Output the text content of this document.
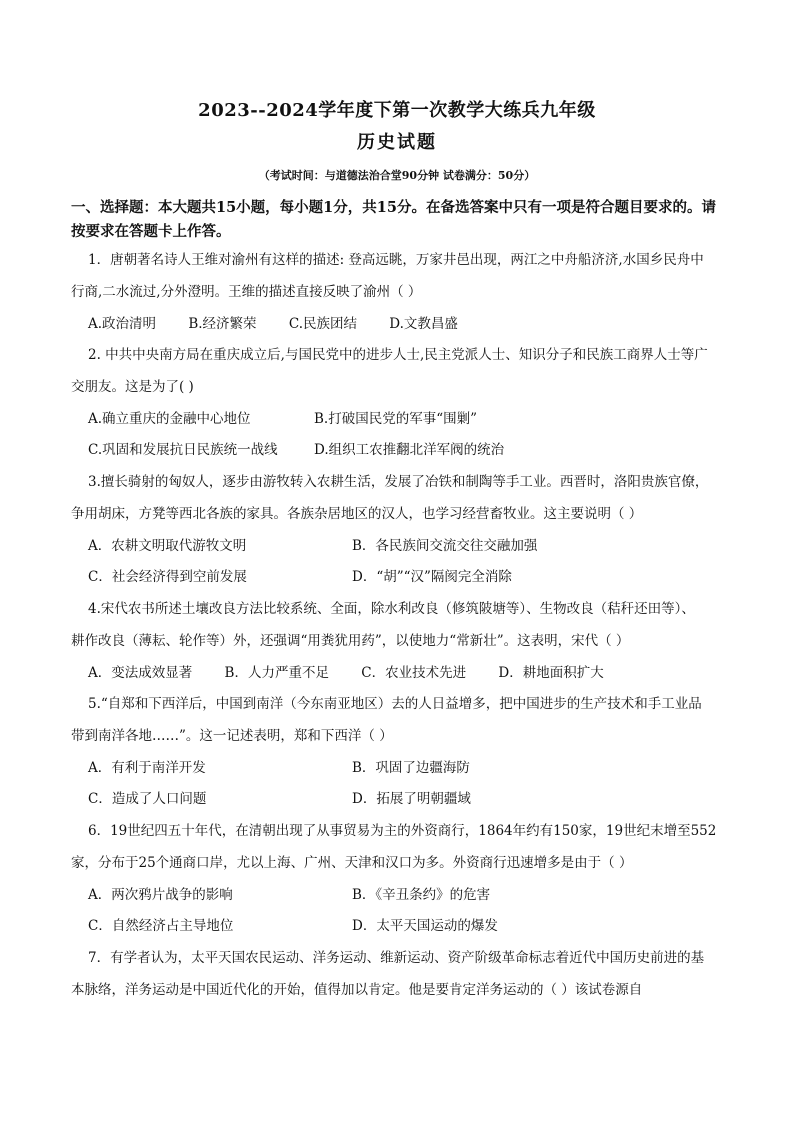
2023--2024学年度下第一次教学大练兵九年级
历史试题
（考试时间：与道德法治合堂90分钟 试卷满分：50分）
一、选择题：本大题共15小题，每小题1分，共15分。在备选答案中只有一项是符合题目要求的。请按要求在答题卡上作答。
1．唐朝著名诗人王维对渝州有这样的描述: 登高远眺，万家井邑出现，两江之中舟船济济,水国乡民舟中
行商,二水流过,分外澄明。王维的描述直接反映了渝州（ ）
A.政治清明 B.经济繁荣 C.民族团结 D.文教昌盛
2. 中共中央南方局在重庆成立后,与国民党中的进步人士,民主党派人士、知识分子和民族工商界人士等广
交朋友。这是为了( )
A.确立重庆的金融中心地位	B.打破国民党的军事“围剿”
C.巩固和发展抗日民族统一战线	D.组织工农推翻北洋军阀的统治
3.擅长骑射的匈奴人，逐步由游牧转入农耕生活，发展了冶铁和制陶等手工业。西晋时，洛阳贵族官僚，
争用胡床，方凳等西北各族的家具。各族杂居地区的汉人，也学习经营畜牧业。这主要说明（ ）
A．农耕文明取代游牧文明	B．各民族间交流交往交融加强
C．社会经济得到空前发展	D．“胡”“汉”隔阂完全消除
4.宋代农书所述土壤改良方法比较系统、全面，除水利改良（修筑陂塘等）、生物改良（秸秆还田等）、
耕作改良（薄耘、轮作等）外，还强调“用粪犹用药”，以使地力“常新壮”。这表明，宋代（ ）
A．变法成效显著 B．人力严重不足 C．农业技术先进 D．耕地面积扩大
5.“自郑和下西洋后，中国到南洋（今东南亚地区）去的人日益增多，把中国进步的生产技术和手工业品
带到南洋各地……”。这一记述表明，郑和下西洋（ ）
A．有利于南洋开发	B．巩固了边疆海防
C．造成了人口问题	D．拓展了明朝疆域
6．19世纪四五十年代，在清朝出现了从事贸易为主的外资商行，1864年约有150家，19世纪末增至552
家，分布于25个通商口岸，尤以上海、广州、天津和汉口为多。外资商行迅速增多是由于（ ）
A．两次鸦片战争的影响	B．《辛丑条约》的危害
C．自然经济占主导地位	D．太平天国运动的爆发
7．有学者认为，太平天国农民运动、洋务运动、维新运动、资产阶级革命标志着近代中国历史前进的基
本脉络，洋务运动是中国近代化的开始，值得加以肯定。他是要肯定洋务运动的（ ）该试卷源自
